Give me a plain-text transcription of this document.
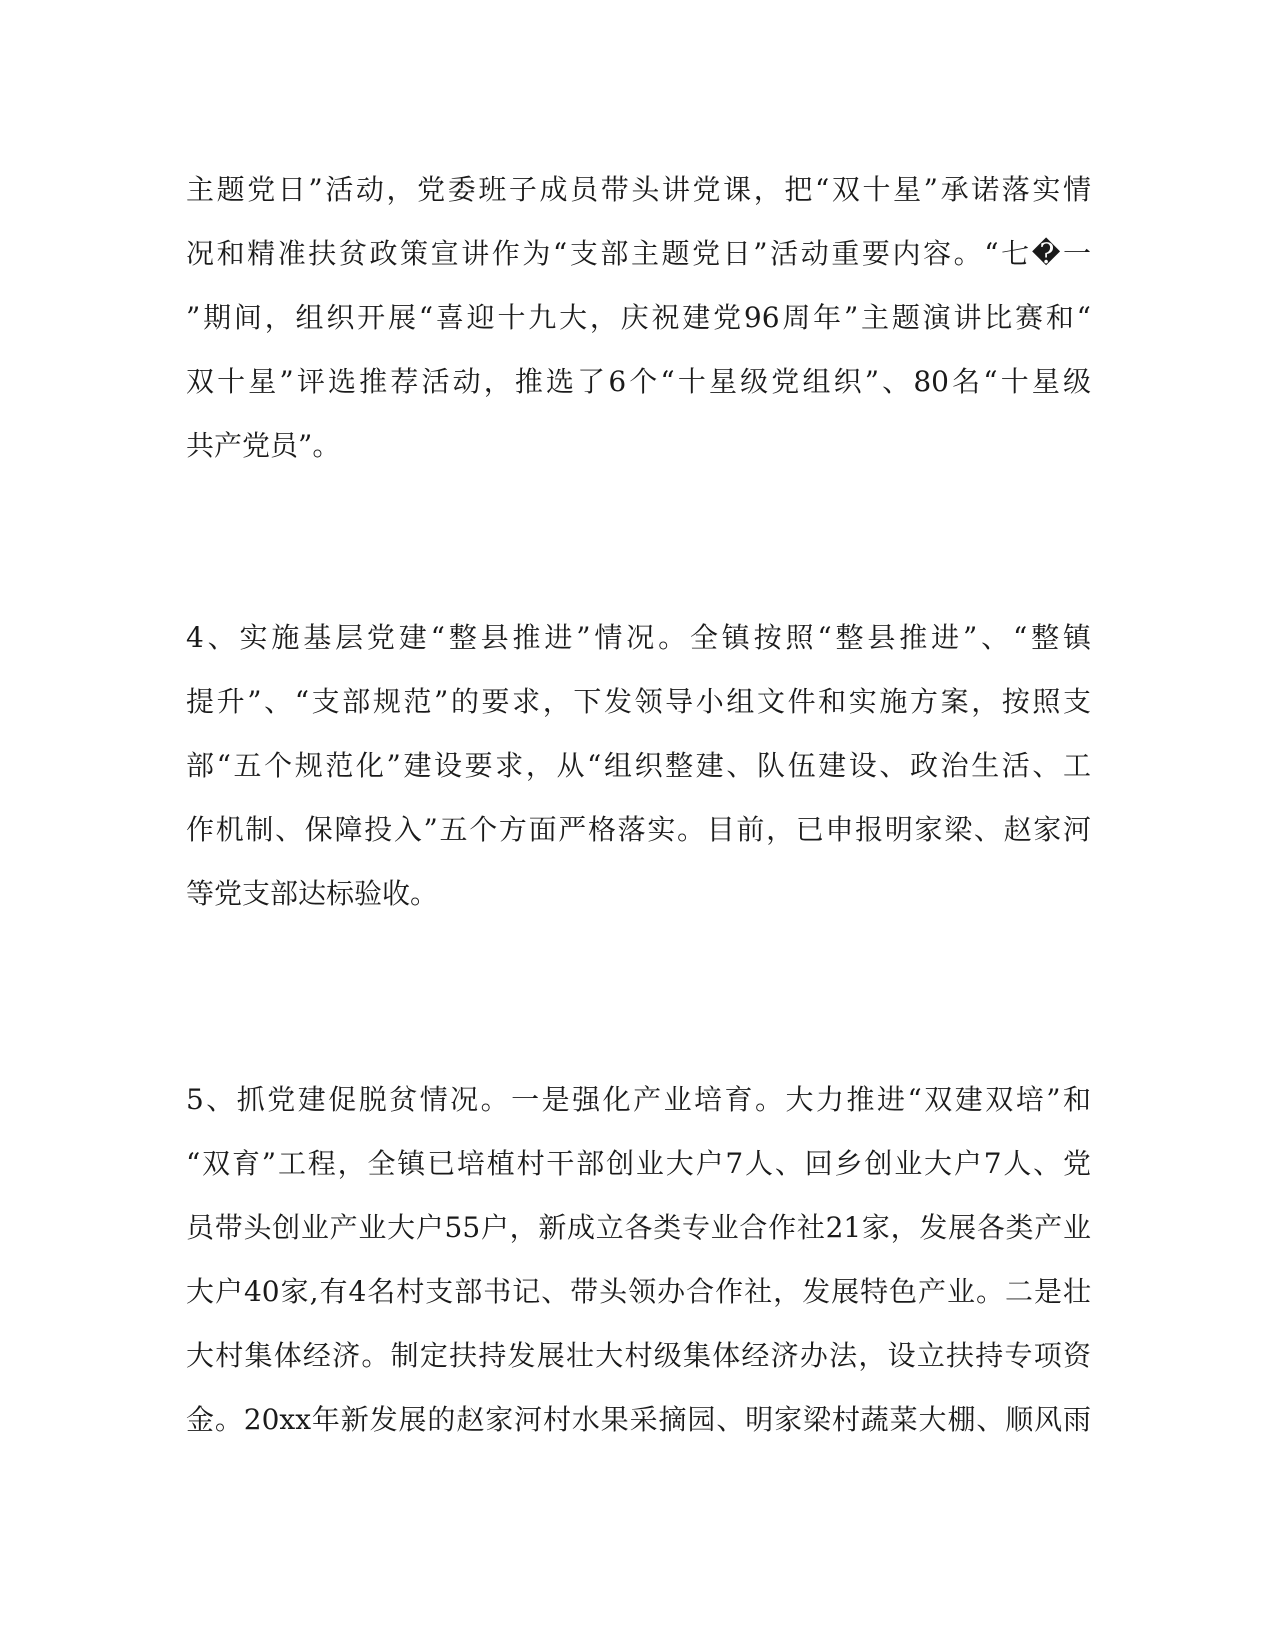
主题党日”活动，党委班子成员带头讲党课，把“双十星”承诺落实情
况和精准扶贫政策宣讲作为“支部主题党日”活动重要内容。“七�一
”期间，组织开展“喜迎十九大，庆祝建党96周年”主题演讲比赛和“
双十星”评选推荐活动，推选了6个“十星级党组织”、80名“十星级
共产党员”。

4、实施基层党建“整县推进”情况。全镇按照“整县推进”、“整镇
提升”、“支部规范”的要求，下发领导小组文件和实施方案，按照支
部“五个规范化”建设要求，从“组织整建、队伍建设、政治生活、工
作机制、保障投入”五个方面严格落实。目前，已申报明家梁、赵家河
等党支部达标验收。

5、抓党建促脱贫情况。一是强化产业培育。大力推进“双建双培”和
“双育”工程，全镇已培植村干部创业大户7人、回乡创业大户7人、党
员带头创业产业大户55户，新成立各类专业合作社21家，发展各类产业
大户40家,有4名村支部书记、带头领办合作社，发展特色产业。二是壮
大村集体经济。制定扶持发展壮大村级集体经济办法，设立扶持专项资
金。20xx年新发展的赵家河村水果采摘园、明家梁村蔬菜大棚、顺风雨
